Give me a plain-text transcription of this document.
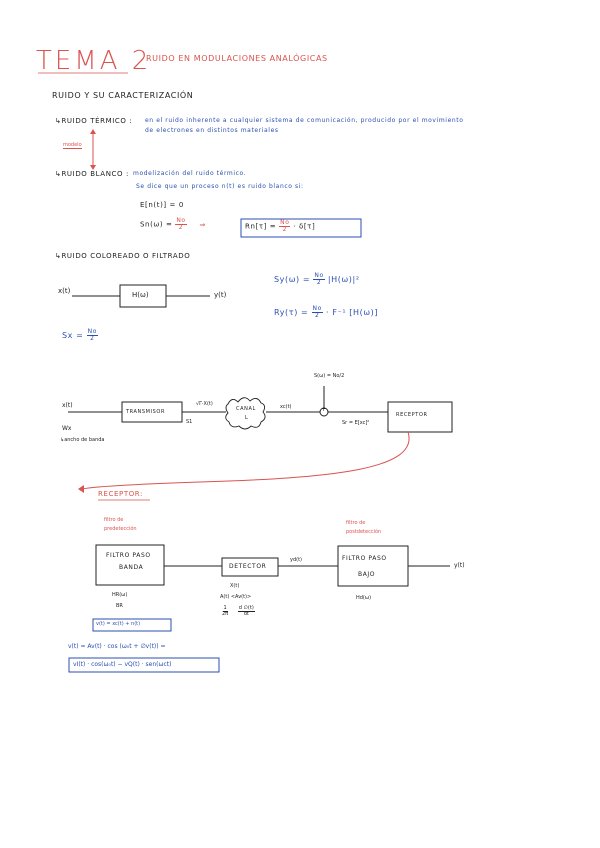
TEMA 2
RUIDO EN MODULACIONES ANALÓGICAS
RUIDO Y SU CARACTERIZACIÓN
↳RUIDO TÉRMICO : en el ruido inherente a cualquier sistema de comunicación, producido por el movimiento
de electrones en distintos materiales
modelo
↳RUIDO BLANCO : modelización del ruido térmico.
Se dice que un proceso n(t) es ruido blanco si:
E[n(t)] = 0
$Sn(\omega) = \frac{No}{2}$ ⇒	$Rn[\tau] = \frac{No}{2} \cdot \delta[\tau]$
↳RUIDO COLOREADO O FILTRADO
x(t)	H(ω)	y(t)
$Sy(\omega) = \frac{No}{2} |H(\omega)|^2$
$Ry(\tau) = \frac{No}{2} \cdot F^{-1}$ [H(ω)]
$Sx = \frac{No}{2}$
x(t)
Wx
↳ancho de banda
TRANSMISOR
√Γ·X(t)
S1
CANAL
L
xc(t)
S(ω) = No/2
+
Sr = E[xc]²
RECEPTOR
RECEPTOR:
filtro de
predetección
FILTRO PASO
BANDA	DETECTOR
yd(t)
filtro de
postdetección
FILTRO PASO
BAJO
y(t)
HR(ω)
BR
Hd(ω)
X(t)
A(t) <Av(t)>
$\frac{1}{2\pi}$
$\frac{d \emptyset(t)}{dt}$
v(t) = xc(t) + n(t)
v(t) = Av(t) · cos (ω₀t + ∅v(t)) =
vI(t) · cos(ω₀t) − vQ(t) · sen(ωct)
